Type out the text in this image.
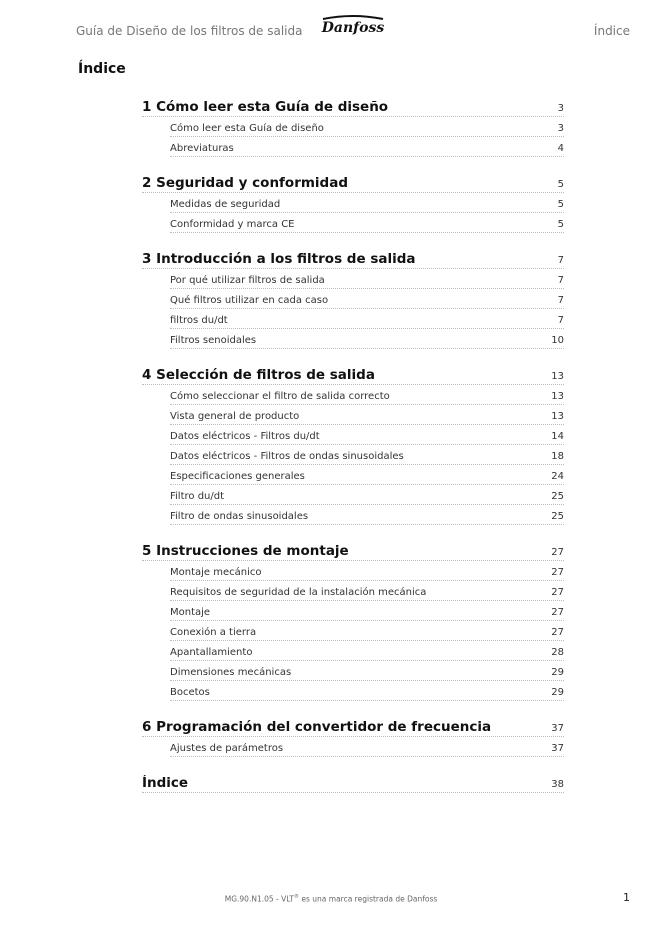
Guía de Diseño de los filtros de salida Danfoss	Índice
Índice
1 Cómo leer esta Guía de diseño	3
Cómo leer esta Guía de diseño	3
Abreviaturas	4
2 Seguridad y conformidad	5
Medidas de seguridad	5
Conformidad y marca CE	5
3 Introducción a los filtros de salida	7
Por qué utilizar filtros de salida	7
Qué filtros utilizar en cada caso	7
filtros du/dt	7
Filtros senoidales	10
4 Selección de filtros de salida	13
Cómo seleccionar el filtro de salida correcto	13
Vista general de producto	13
Datos eléctricos - Filtros du/dt	14
Datos eléctricos - Filtros de ondas sinusoidales	18
Especificaciones generales	24
Filtro du/dt	25
Filtro de ondas sinusoidales	25
5 Instrucciones de montaje	27
Montaje mecánico	27
Requisitos de seguridad de la instalación mecánica	27
Montaje	27
Conexión a tierra	27
Apantallamiento	28
Dimensiones mecánicas	29
Bocetos	29
6 Programación del convertidor de frecuencia	37
Ajustes de parámetros	37
Índice	38
MG.90.N1.05 - VLT® es una marca registrada de Danfoss	1
